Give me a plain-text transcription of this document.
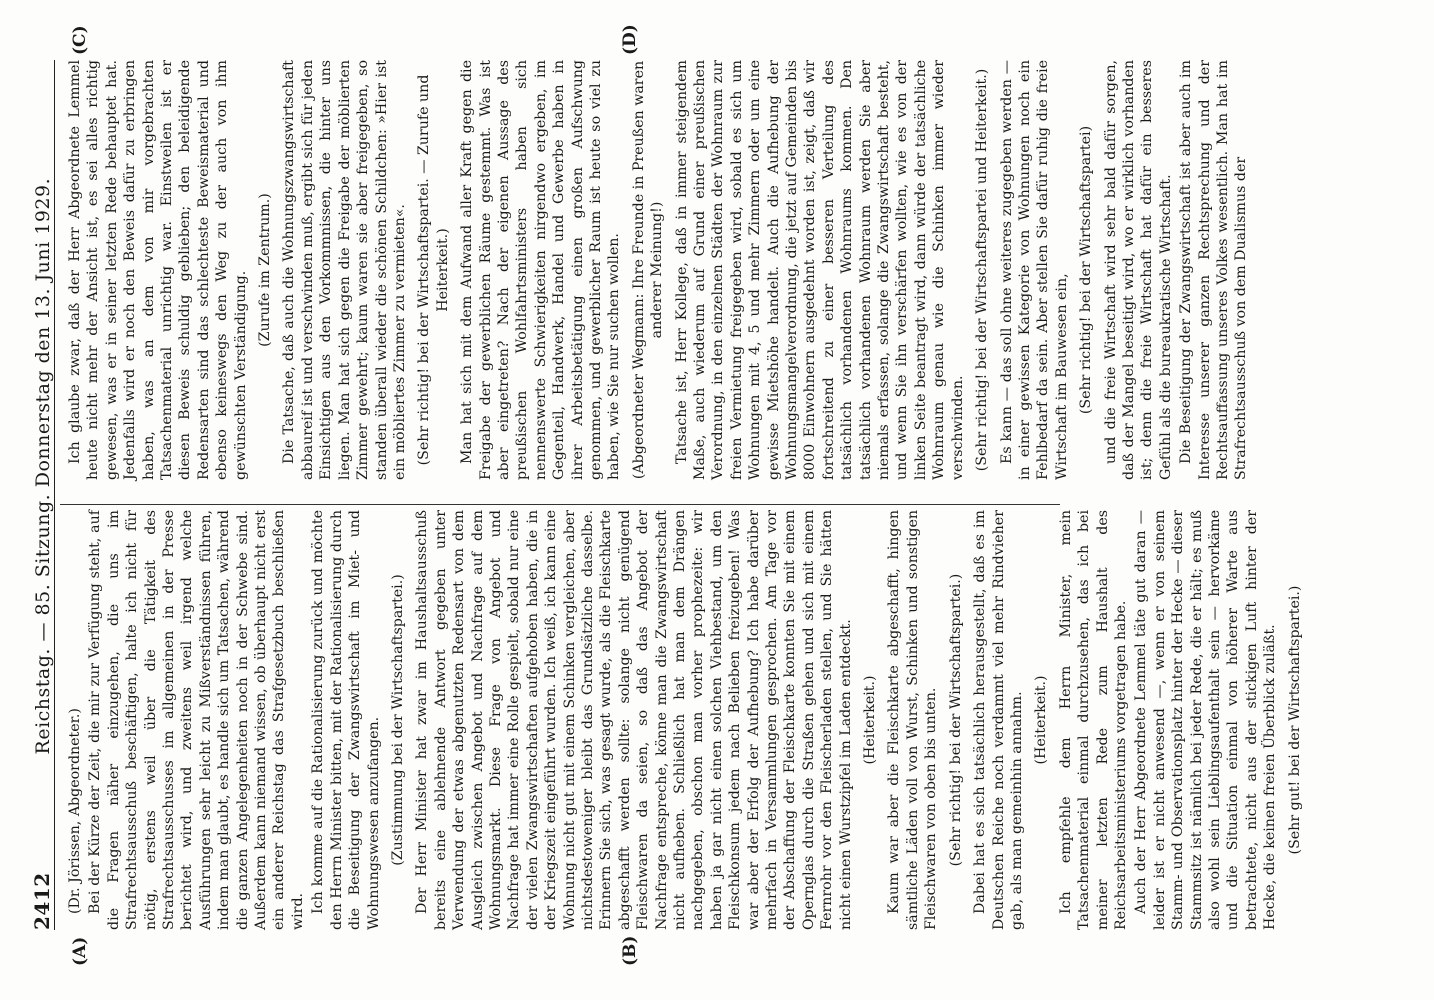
2412
Reichstag. — 85. Sitzung. Donnerstag den 13. Juni 1929.
(A)	(B)
(C)	(D)

(Dr. Jörissen, Abgeordneter.) Bei der Kürze der Zeit, die mir zur Verfügung steht, auf die Fragen näher einzugehen, die uns im Strafrechtsausschuß beschäftigen, halte ich nicht für nötig, erstens weil über die Tätigkeit des Strafrechtsausschusses im allgemeinen in der Presse berichtet wird, und zweitens weil irgend welche Ausführungen sehr leicht zu Mißverständnissen führen, indem man glaubt, es handle sich um Tatsachen, während die ganzen Angelegenheiten noch in der Schwebe sind. Außerdem kann niemand wissen, ob überhaupt nicht erst ein anderer Reichstag das Strafgesetzbuch beschließen wird. Ich komme auf die Rationalisierung zurück und möchte den Herrn Minister bitten, mit der Rationalisierung durch die Beseitigung der Zwangswirtschaft im Miet- und Wohnungswesen anzufangen. (Zustimmung bei der Wirtschaftspartei.) Der Herr Minister hat zwar im Haushaltsausschuß bereits eine ablehnende Antwort gegeben unter Verwendung der etwas abgenutzten Redensart von dem Ausgleich zwischen Angebot und Nachfrage auf dem Wohnungsmarkt. Diese Frage von Angebot und Nachfrage hat immer eine Rolle gespielt, sobald nur eine der vielen Zwangswirtschaften aufgehoben haben, die in der Kriegszeit eingeführt wurden. Ich weiß, ich kann eine Wohnung nicht gut mit einem Schinken vergleichen, aber nichtsdestoweniger bleibt das Grundsätzliche dasselbe. Erinnern Sie sich, was gesagt wurde, als die Fleischkarte abgeschafft werden sollte: solange nicht genügend Fleischwaren da seien, so daß das Angebot der Nachfrage entspreche, könne man die Zwangswirtschaft nicht aufheben. Schließlich hat man dem Drängen nachgegeben, obschon man vorher prophezeite: wir haben ja gar nicht einen solchen Viehbestand, um den Fleischkonsum jedem nach Belieben freizugeben! Was war aber der Erfolg der Aufhebung? Ich habe darüber mehrfach in Versammlungen gesprochen. Am Tage vor der Abschaffung der Fleischkarte konnten Sie mit einem Opernglas durch die Straßen gehen und sich mit einem Fernrohr vor den Fleischerladen stellen, und Sie hätten nicht einen Wurstzipfel im Laden entdeckt. (Heiterkeit.) Kaum war aber die Fleischkarte abgeschafft, hingen sämtliche Läden voll von Wurst, Schinken und sonstigen Fleischwaren von oben bis unten. (Sehr richtig! bei der Wirtschaftspartei.) Dabei hat es sich tatsächlich herausgestellt, daß es im Deutschen Reiche noch verdammt viel mehr Rindvieher gab, als man gemeinhin annahm. (Heiterkeit.) Ich empfehle dem Herrn Minister, mein Tatsachenmaterial einmal durchzusehen, das ich bei meiner letzten Rede zum Haushalt des Reichsarbeitsministeriums vorgetragen habe. Auch der Herr Abgeordnete Lemmel täte gut daran — leider ist er nicht anwesend —, wenn er von seinem Stamm- und Observationsplatz hinter der Hecke — dieser Stammsitz ist nämlich bei jeder Rede, die er hält; es muß also wohl sein Lieblingsaufenthalt sein — hervorkäme und die Situation einmal von höherer Warte aus betrachtete, nicht aus der stickigen Luft hinter der Hecke, die keinen freien Überblick zuläßt. (Sehr gut! bei der Wirtschaftspartei.)

Ich glaube zwar, daß der Herr Abgeordnete Lemmel heute nicht mehr der Ansicht ist, es sei alles richtig gewesen, was er in seiner letzten Rede behauptet hat. Jedenfalls wird er noch den Beweis dafür zu erbringen haben, was an dem von mir vorgebrachten Tatsachenmaterial unrichtig war. Einstweilen ist er diesen Beweis schuldig geblieben; den beleidigende Redensarten sind das schlechteste Beweismaterial und ebenso keineswegs den Weg zu der auch von ihm gewünschten Verständigung.

(Zurufe im Zentrum.) Die Tatsache, daß auch die Wohnungszwangswirtschaft abbaureif ist und verschwinden muß, ergibt sich für jeden Einsichtigen aus den Vorkommnissen, die hinter uns liegen. Man hat sich gegen die Freigabe der möblierten Zimmer gewehrt; kaum waren sie aber freigegeben, so standen überall wieder die schönen Schildchen: »Hier ist ein möbliertes Zimmer zu vermieten«. (Sehr richtig! bei der Wirtschaftspartei. — Zurufe und Heiterkeit.) Man hat sich mit dem Aufwand aller Kraft gegen die Freigabe der gewerblichen Räume gestemmt. Was ist aber eingetreten? Nach der eigenen Aussage des preußischen Wohlfahrtsministers haben sich nennenswerte Schwierigkeiten nirgendwo ergeben, im Gegenteil, Handwerk, Handel und Gewerbe haben in ihrer Arbeitsbetätigung einen großen Aufschwung genommen, und gewerblicher Raum ist heute so viel zu haben, wie Sie nur suchen wollen. (Abgeordneter Wegmann: Ihre Freunde in Preußen waren anderer Meinung!) Tatsache ist, Herr Kollege, daß in immer steigendem Maße, auch wiederum auf Grund einer preußischen Verordnung, in den einzelnen Städten der Wohnraum zur freien Vermietung freigegeben wird, sobald es sich um Wohnungen mit 4, 5 und mehr Zimmern oder um eine gewisse Mietshöhe handelt. Auch die Aufhebung der Wohnungsmangelverordnung, die jetzt auf Gemeinden bis 8000 Einwohnern ausgedehnt worden ist, zeigt, daß wir fortschreitend zu einer besseren Verteilung des tatsächlich vorhandenen Wohnraums kommen. Den tatsächlich vorhandenen Wohnraum werden Sie aber niemals erfassen, solange die Zwangswirtschaft besteht, und wenn Sie ihn verschärfen wollten, wie es von der linken Seite beantragt wird, dann würde der tatsächliche Wohnraum genau wie die Schinken immer wieder verschwinden. (Sehr richtig! bei der Wirtschaftspartei und Heiterkeit.) Es kann — das soll ohne weiteres zugegeben werden — in einer gewissen Kategorie von Wohnungen noch ein Fehlbedarf da sein. Aber stellen Sie dafür ruhig die freie Wirtschaft im Bauwesen ein, (Sehr richtig! bei der Wirtschaftspartei) und die freie Wirtschaft wird sehr bald dafür sorgen, daß der Mangel beseitigt wird, wo er wirklich vorhanden ist; denn die freie Wirtschaft hat dafür ein besseres Gefühl als die bureaukratische Wirtschaft. Die Beseitigung der Zwangswirtschaft ist aber auch im Interesse unserer ganzen Rechtsprechung und der Rechtsauffassung unseres Volkes wesentlich. Man hat im Strafrechtsausschuß von dem Dualismus der
